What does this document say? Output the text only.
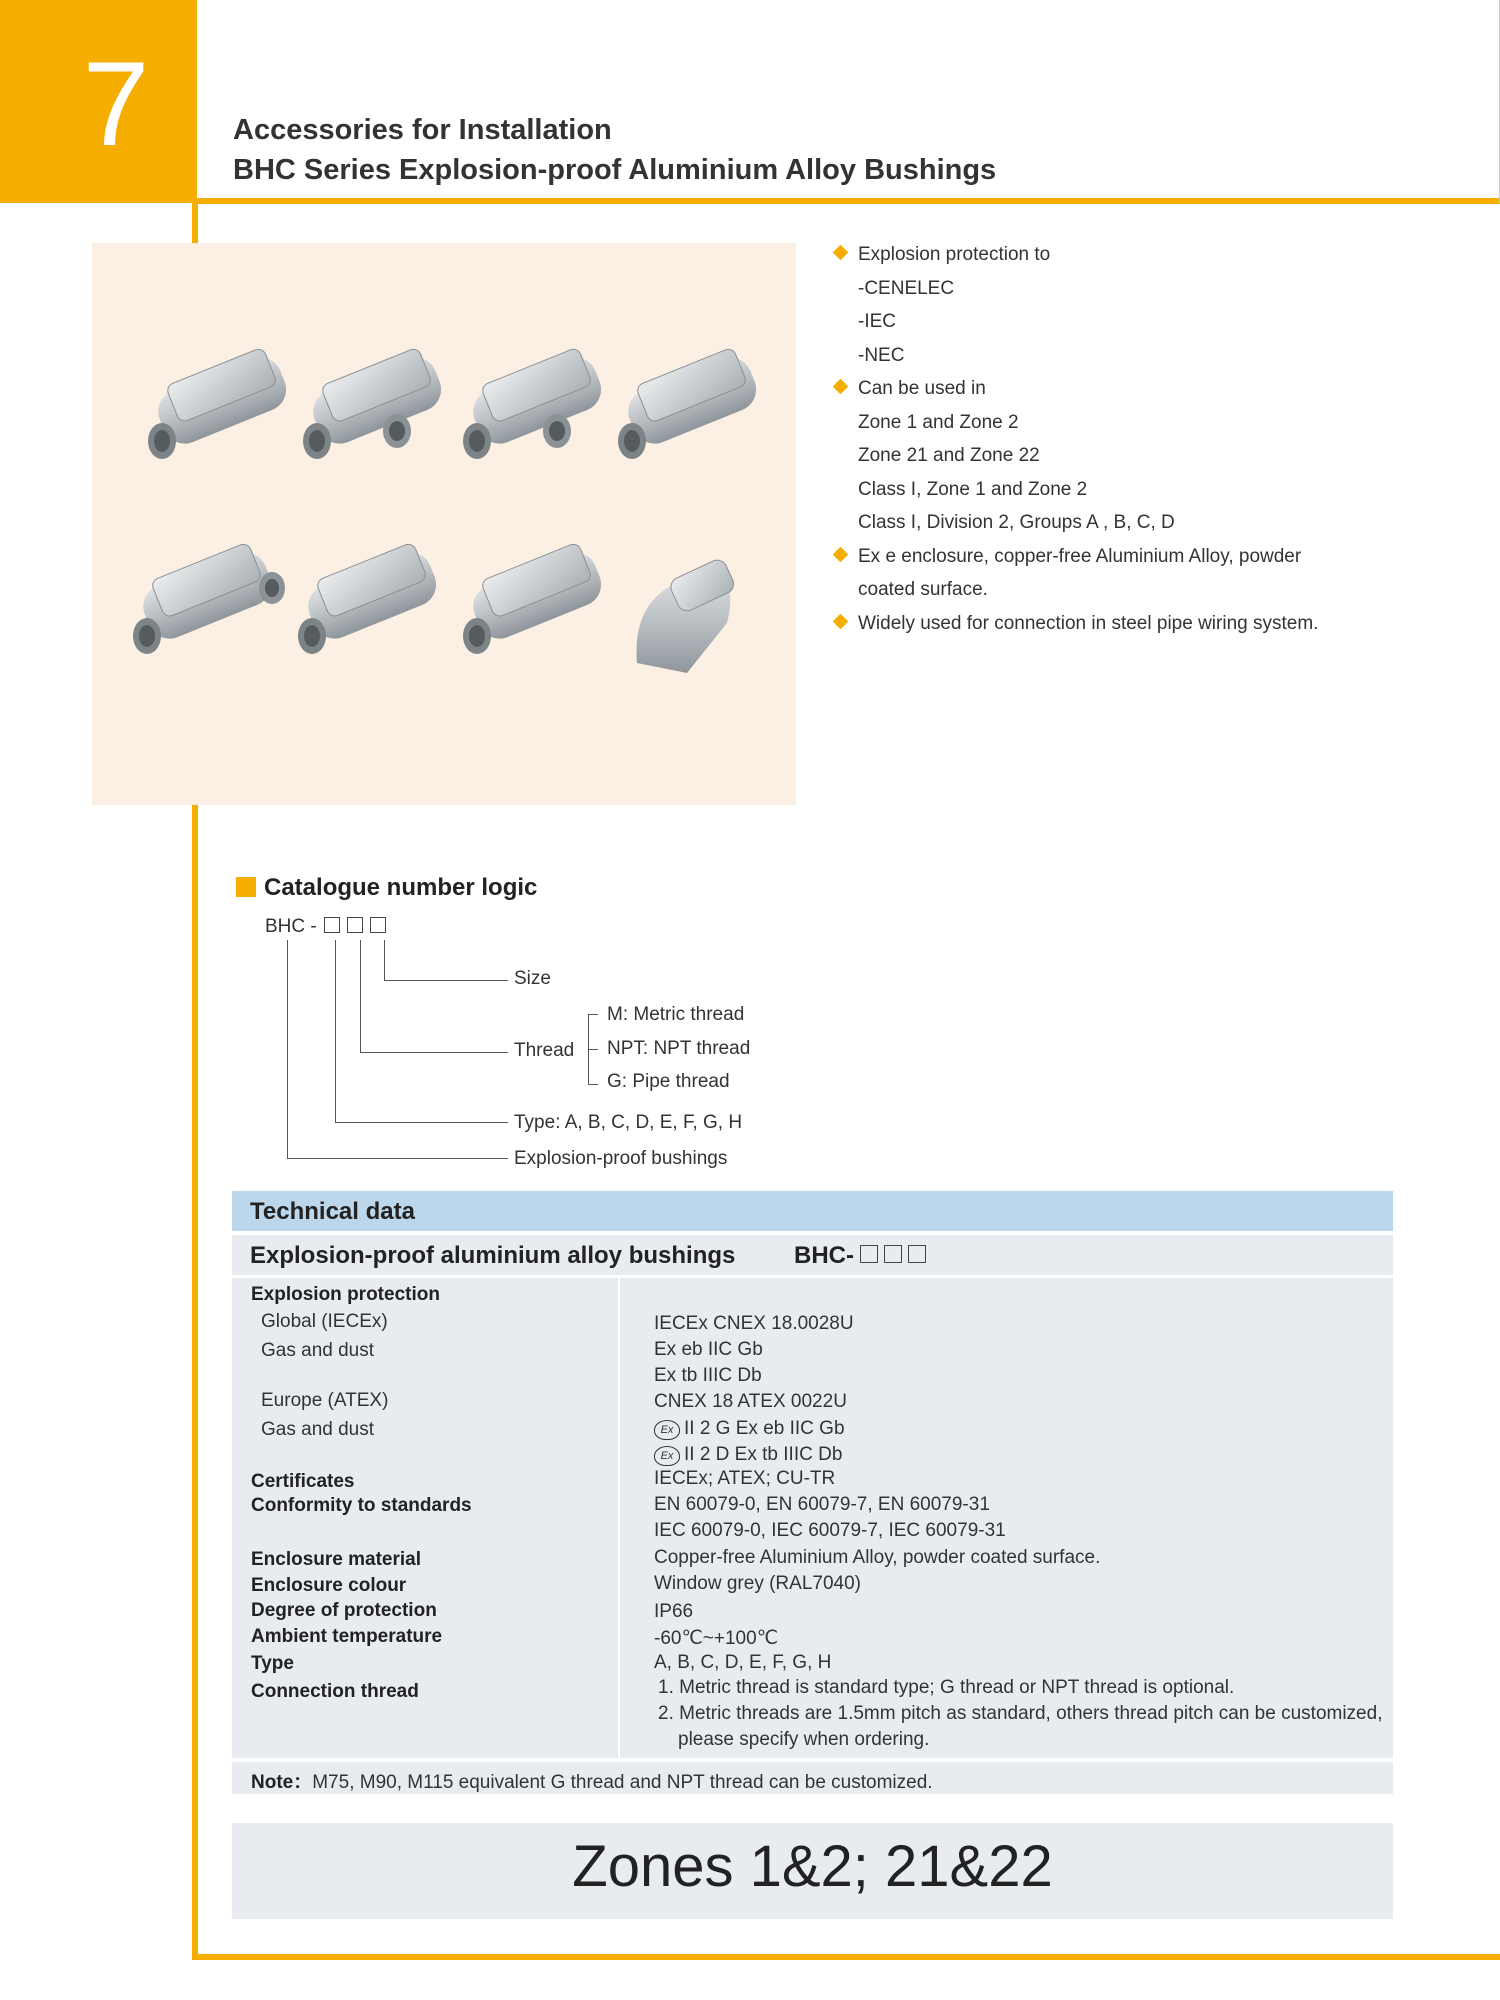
7	Accessories for Installation
BHC Series Explosion-proof Aluminium Alloy Bushings
Explosion protection to
-CENELEC
-IEC
-NEC
Can be used in
Zone 1 and Zone 2
Zone 21 and Zone 22
Class I, Zone 1 and Zone 2
Class I, Division 2, Groups A , B, C, D
Ex e enclosure, copper-free Aluminium Alloy, powder
coated surface.
Widely used for connection in steel pipe wiring system.
Catalogue number logic
BHC -
Size
Thread
M: Metric thread
NPT: NPT thread
G: Pipe thread
Type: A, B, C, D, E, F, G, H
Explosion-proof bushings
Technical data
Explosion-proof aluminium alloy bushings BHC-
Explosion protection
Global (IECEx)
Gas and dust
Europe (ATEX)
Gas and dust
Certificates
Conformity to standards
Enclosure material
Enclosure colour
Degree of protection
Ambient temperature
Type
Connection thread
IECEx CNEX 18.0028U
Ex eb IIC Gb
Ex tb IIIC Db
CNEX 18 ATEX 0022U
Ex II 2 G Ex eb IIC Gb
Ex II 2 D Ex tb IIIC Db
IECEx; ATEX; CU-TR
EN 60079-0, EN 60079-7, EN 60079-31
IEC 60079-0, IEC 60079-7, IEC 60079-31
Copper-free Aluminium Alloy, powder coated surface.
Window grey (RAL7040)
IP66
-60℃~+100℃
A, B, C, D, E, F, G, H
1. Metric thread is standard type; G thread or NPT thread is optional.
2. Metric threads are 1.5mm pitch as standard, others thread pitch can be customized,
please specify when ordering.
Note：M75, M90, M115 equivalent G thread and NPT thread can be customized.
Zones 1&2; 21&22
